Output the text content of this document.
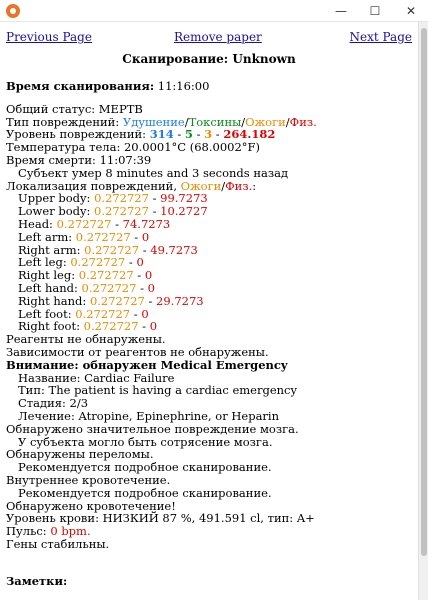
—	☐	✕
Previous Page	Remove paper	Next Page
Сканирование: Unknown
Время сканирования: 11:16:00
Общий статус: МЕРТВ
Тип повреждений: Удушение/Токсины/Ожоги/Физ.
Уровень повреждений: 314 - 5 - 3 - 264.182
Температура тела: 20.0001°C (68.0002°F)
Время смерти: 11:07:39
Субъект умер 8 minutes and 3 seconds назад
Локализация повреждений, Ожоги/Физ.:
Upper body: 0.272727 - 99.7273
Lower body: 0.272727 - 10.2727
Head: 0.272727 - 74.7273
Left arm: 0.272727 - 0
Right arm: 0.272727 - 49.7273
Left leg: 0.272727 - 0
Right leg: 0.272727 - 0
Left hand: 0.272727 - 0
Right hand: 0.272727 - 29.7273
Left foot: 0.272727 - 0
Right foot: 0.272727 - 0
Реагенты не обнаружены.
Зависимости от реагентов не обнаружены.
Внимание: обнаружен Medical Emergency
Название: Cardiac Failure
Тип: The patient is having a cardiac emergency
Стадия: 2/3
Лечение: Atropine, Epinephrine, or Heparin
Обнаружено значительное повреждение мозга.
У субъекта могло быть сотрясение мозга.
Обнаружены переломы.
Рекомендуется подробное сканирование.
Внутреннее кровотечение.
Рекомендуется подробное сканирование.
Обнаружено кровотечение!
Уровень крови: НИЗКИЙ 87 %, 491.591 cl, тип: A+
Пульс: 0 bpm.
Гены стабильны.
Заметки:
